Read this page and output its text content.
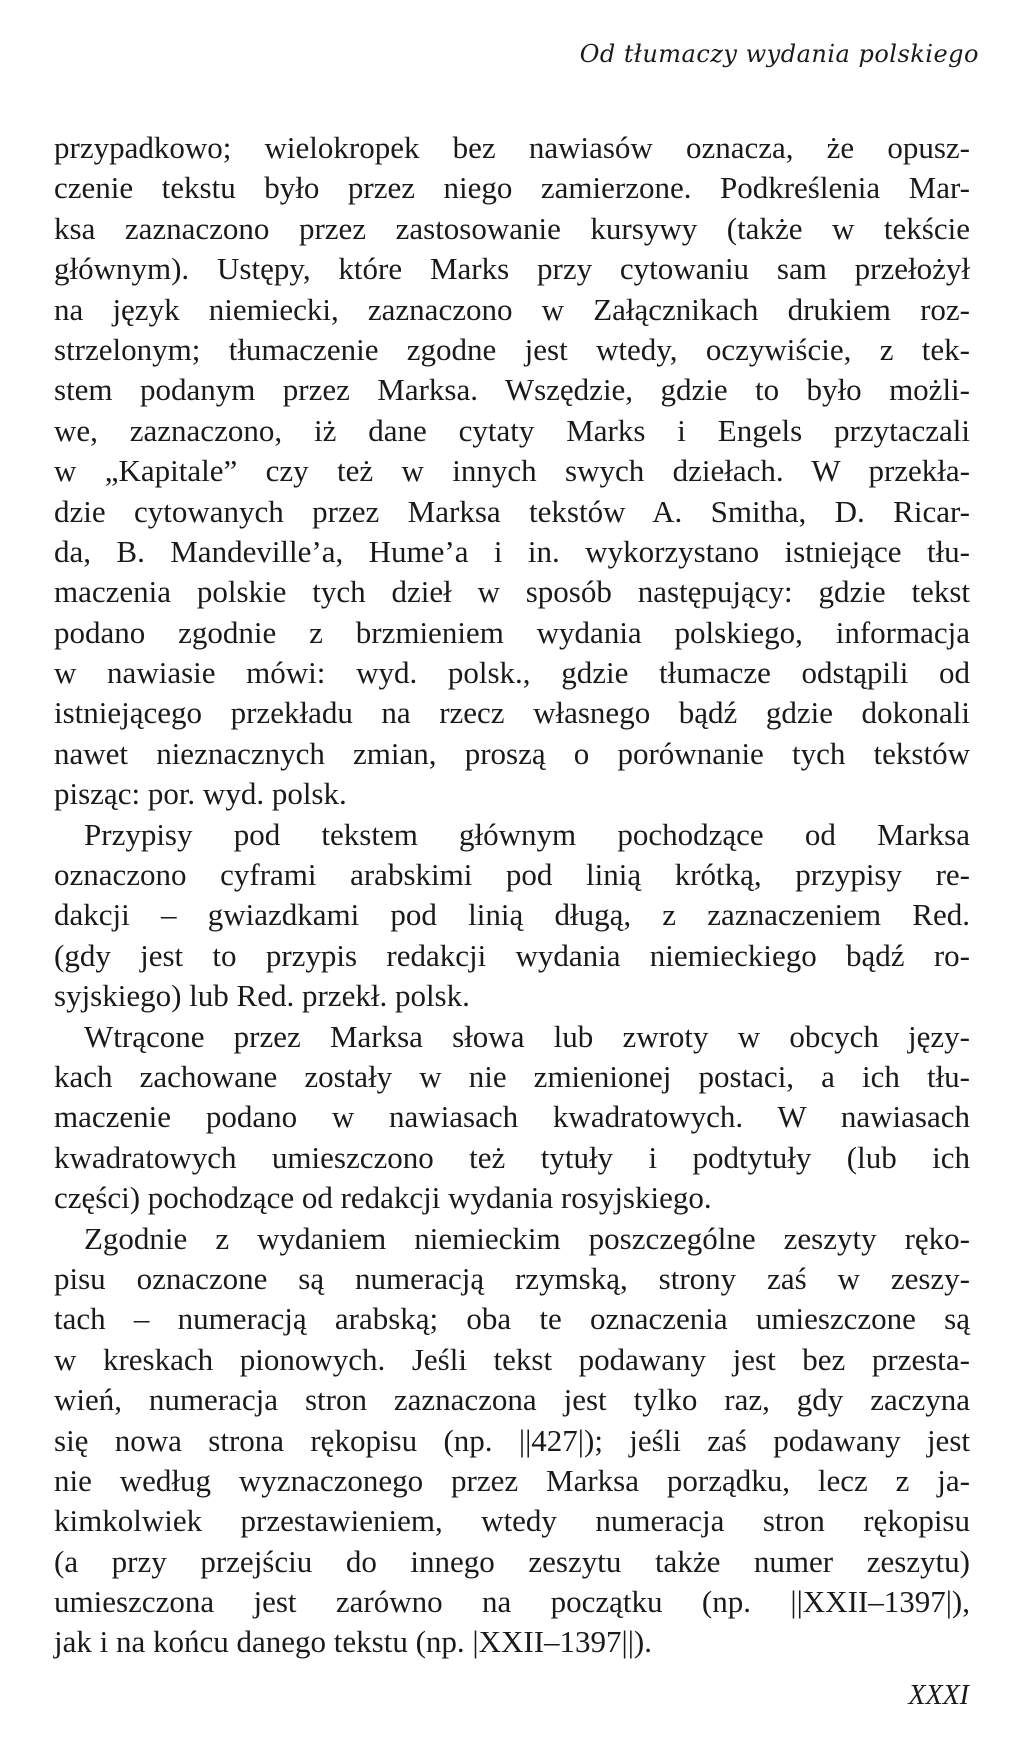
Od tłumaczy wydania polskiego
przypadkowo; wielokropek bez nawiasów oznacza, że opusz-
czenie tekstu było przez niego zamierzone. Podkreślenia Mar-
ksa zaznaczono przez zastosowanie kursywy (także w tekście
głównym). Ustępy, które Marks przy cytowaniu sam przełożył
na język niemiecki, zaznaczono w Załącznikach drukiem roz-
strzelonym; tłumaczenie zgodne jest wtedy, oczywiście, z tek-
stem podanym przez Marksa. Wszędzie, gdzie to było możli-
we, zaznaczono, iż dane cytaty Marks i Engels przytaczali
w „Kapitale” czy też w innych swych dziełach. W przekła-
dzie cytowanych przez Marksa tekstów A. Smitha, D. Ricar-
da, B. Mandeville’a, Hume’a i in. wykorzystano istniejące tłu-
maczenia polskie tych dzieł w sposób następujący: gdzie tekst
podano zgodnie z brzmieniem wydania polskiego, informacja
w nawiasie mówi: wyd. polsk., gdzie tłumacze odstąpili od
istniejącego przekładu na rzecz własnego bądź gdzie dokonali
nawet nieznacznych zmian, proszą o porównanie tych tekstów
pisząc: por. wyd. polsk.
Przypisy pod tekstem głównym pochodzące od Marksa
oznaczono cyframi arabskimi pod linią krótką, przypisy re-
dakcji – gwiazdkami pod linią długą, z zaznaczeniem Red.
(gdy jest to przypis redakcji wydania niemieckiego bądź ro-
syjskiego) lub Red. przekł. polsk.
Wtrącone przez Marksa słowa lub zwroty w obcych języ-
kach zachowane zostały w nie zmienionej postaci, a ich tłu-
maczenie podano w nawiasach kwadratowych. W nawiasach
kwadratowych umieszczono też tytuły i podtytuły (lub ich
części) pochodzące od redakcji wydania rosyjskiego.
Zgodnie z wydaniem niemieckim poszczególne zeszyty ręko-
pisu oznaczone są numeracją rzymską, strony zaś w zeszy-
tach – numeracją arabską; oba te oznaczenia umieszczone są
w kreskach pionowych. Jeśli tekst podawany jest bez przesta-
wień, numeracja stron zaznaczona jest tylko raz, gdy zaczyna
się nowa strona rękopisu (np. ||427|); jeśli zaś podawany jest
nie według wyznaczonego przez Marksa porządku, lecz z ja-
kimkolwiek przestawieniem, wtedy numeracja stron rękopisu
(a przy przejściu do innego zeszytu także numer zeszytu)
umieszczona jest zarówno na początku (np. ||XXII–1397|),
jak i na końcu danego tekstu (np. |XXII–1397||).
XXXI
